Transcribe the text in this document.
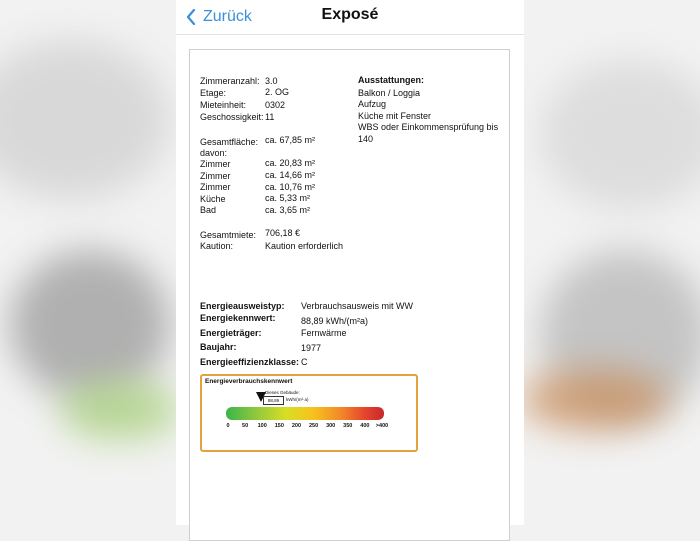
Zurück	Exposé
Zimmeranzahl: 3.0
Etage:	2. OG
Mieteinheit: 0302
Geschossigkeit: 11
Gesamtfläche: ca. 67,85 m²
davon:
Zimmer	ca. 20,83 m²
Zimmer	ca. 14,66 m²
Zimmer	ca. 10,76 m²
Küche	ca. 5,33 m²
Bad	ca. 3,65 m²
Gesamtmiete: 706,18 €
Kaution:	Kaution erforderlich
Ausstattungen:
Balkon / Loggia
Aufzug
Küche mit Fenster
WBS oder Einkommensprüfung bis 140
Energieausweistyp: Verbrauchsausweis mit WW
Energiekennwert:	88,89 kWh/(m²a)
Energieträger:	Fernwärme
Baujahr:	1977
Energieeffizienzklasse: C
Energieverbrauchskennwert
Dieses Gebäude:
88,89	kWh/(m²·a)
0 50 100 150 200 250 300 350 400 >400
